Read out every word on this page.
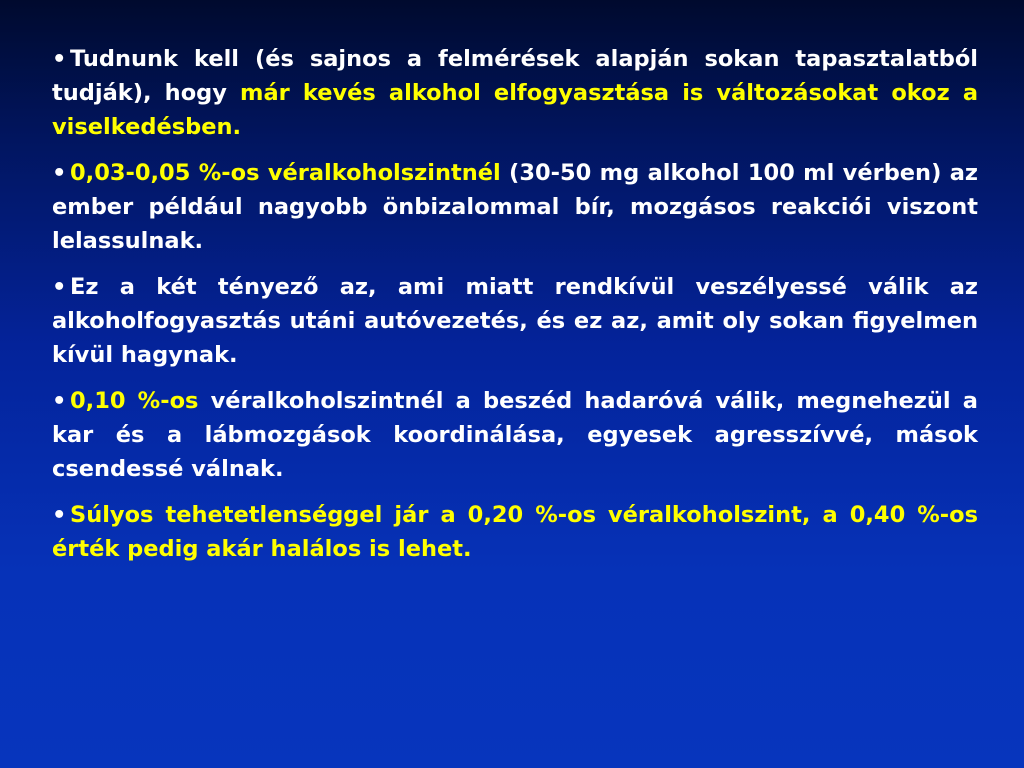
• Tudnunk kell (és sajnos a felmérések alapján sokan tapasztalatból tudják), hogy már kevés alkohol elfogyasztása is változásokat okoz a viselkedésben.

• 0,03-0,05 %-os véralkoholszintnél (30-50 mg alkohol 100 ml vérben) az ember például nagyobb önbizalommal bír, mozgásos reakciói viszont lelassulnak.

• Ez a két tényező az, ami miatt rendkívül veszélyessé válik az alkoholfogyasztás utáni autóvezetés, és ez az, amit oly sokan figyelmen kívül hagynak.

• 0,10 %-os véralkoholszintnél a beszéd hadaróvá válik, megnehezül a kar és a lábmozgások koordinálása, egyesek agresszívvé, mások csendessé válnak.

• Súlyos tehetetlenséggel jár a 0,20 %-os véralkoholszint, a 0,40 %-os érték pedig akár halálos is lehet.
